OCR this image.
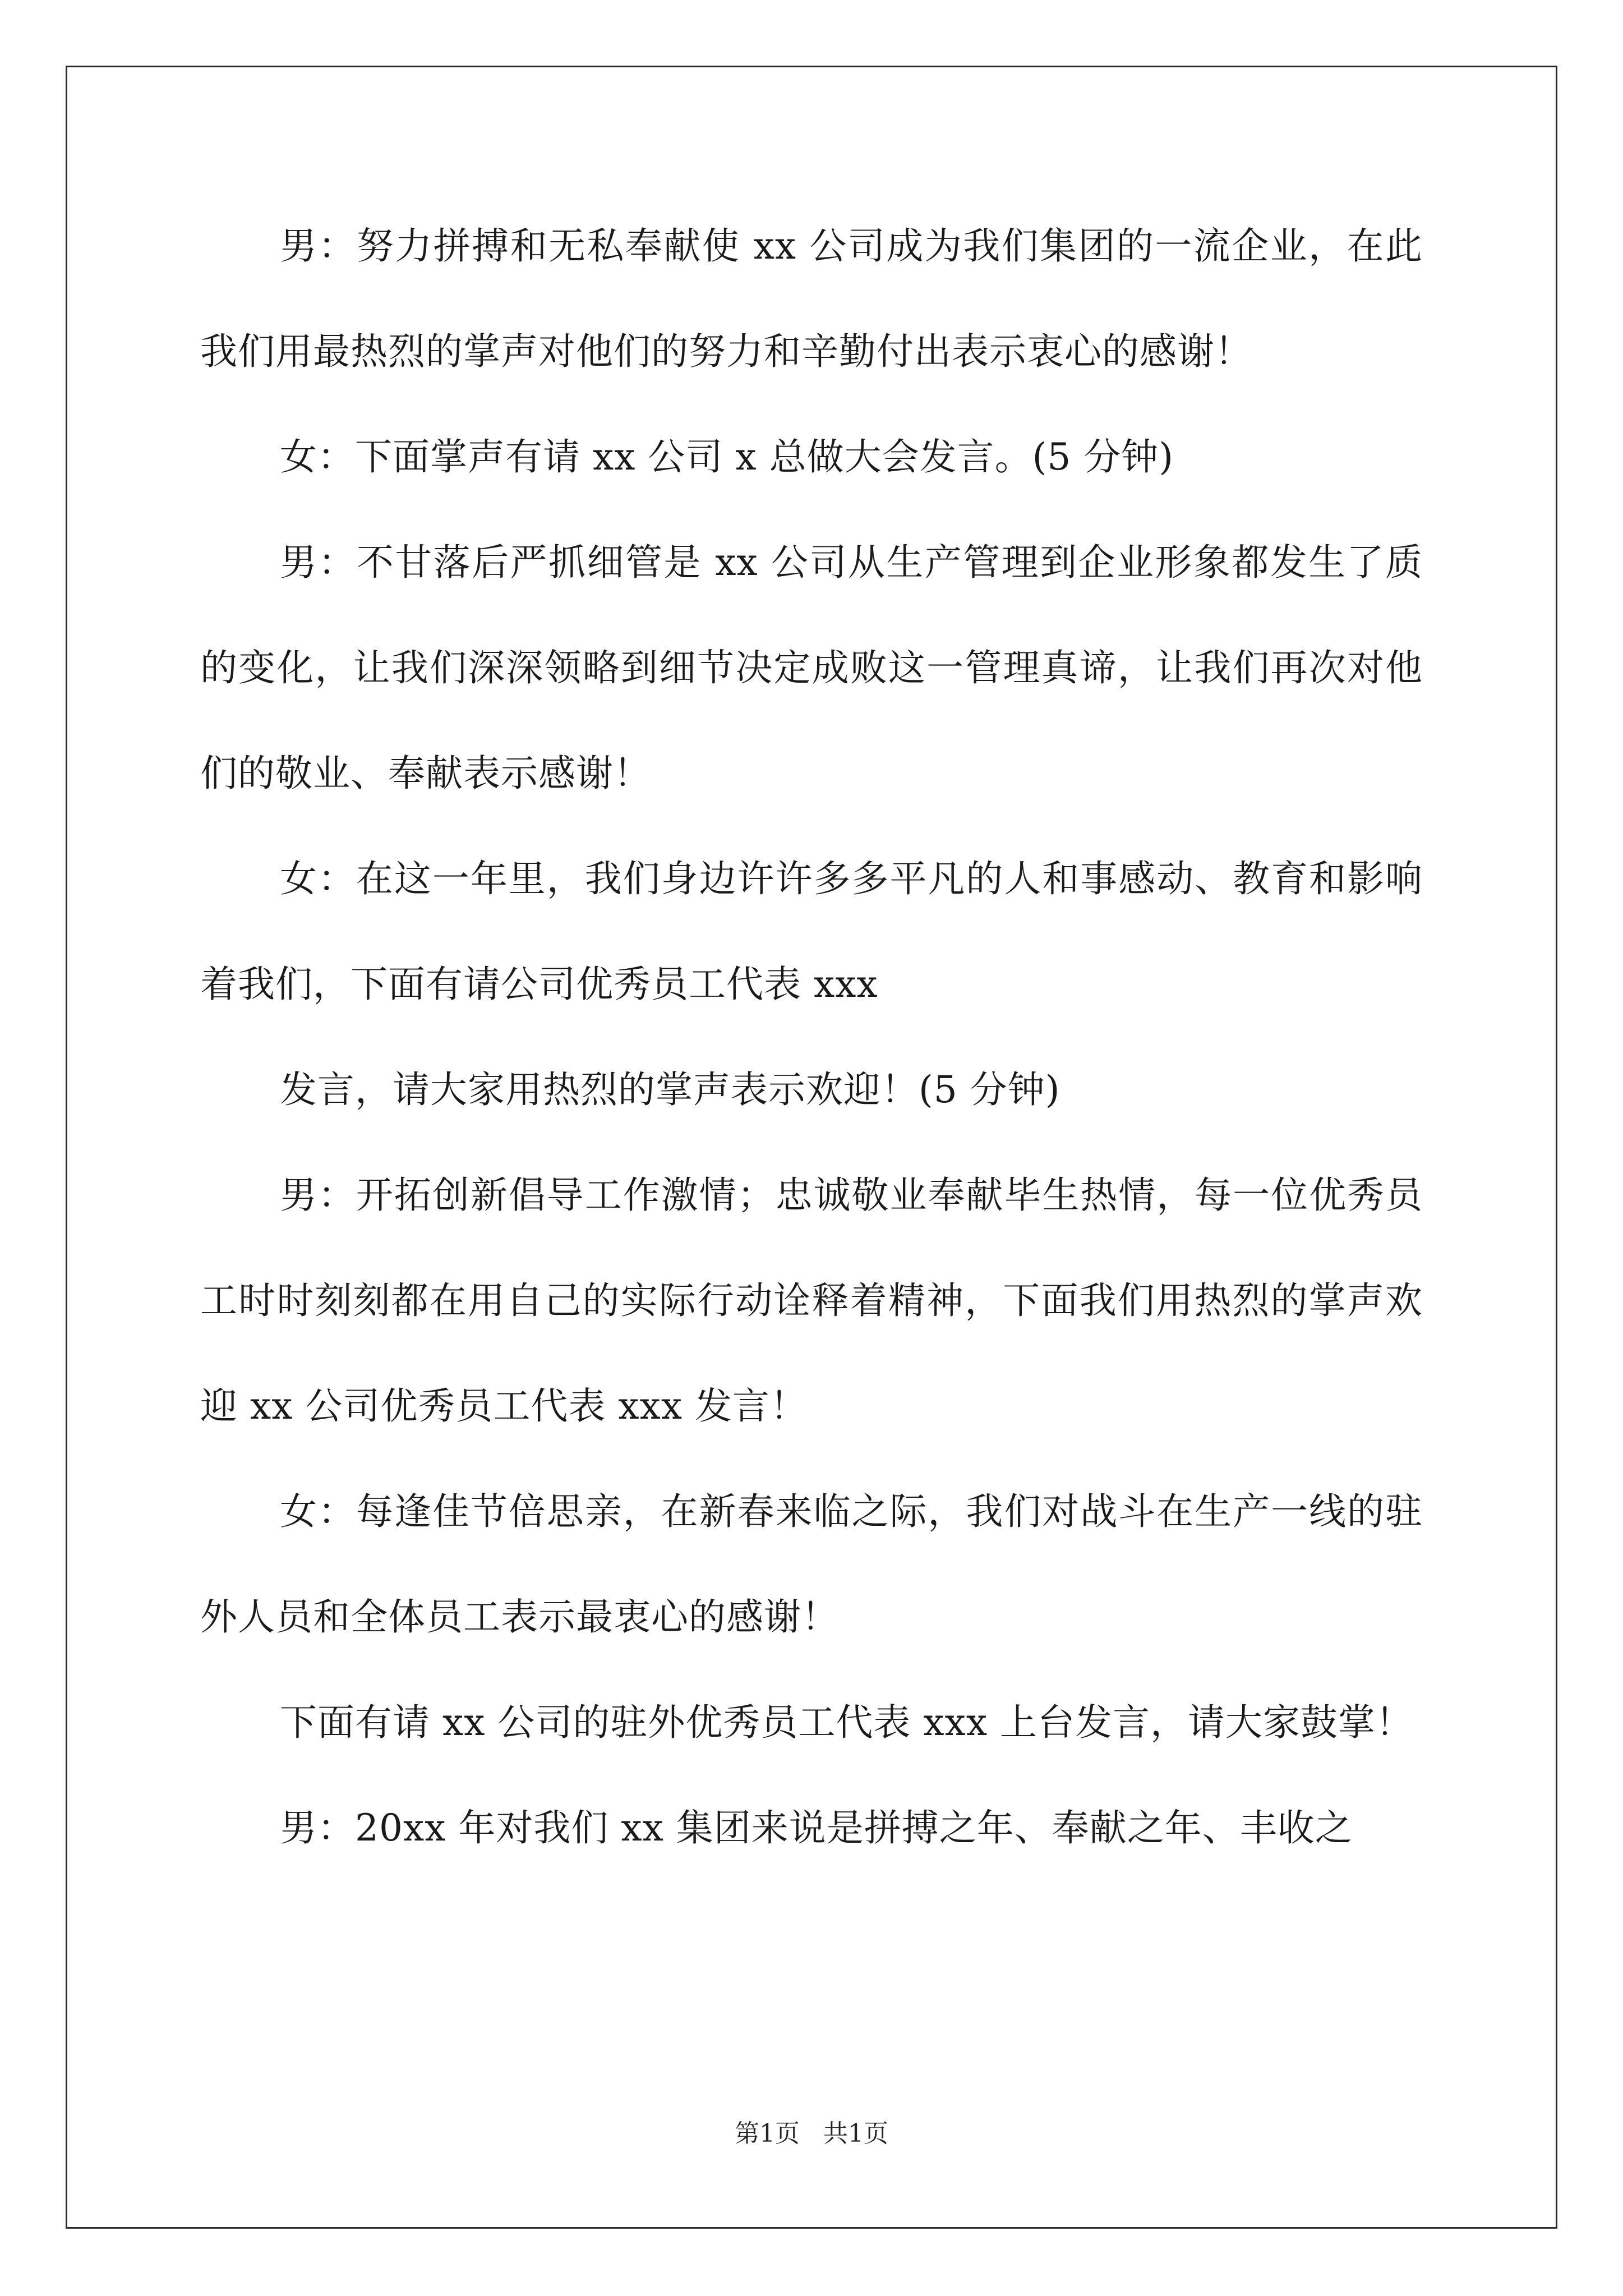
男：努力拼搏和无私奉献使 xx 公司成为我们集团的一流企业，在此我们用最热烈的掌声对他们的努力和辛勤付出表示衷心的感谢！

女：下面掌声有请 xx 公司 x 总做大会发言。(5 分钟)

男：不甘落后严抓细管是 xx 公司从生产管理到企业形象都发生了质的变化，让我们深深领略到细节决定成败这一管理真谛，让我们再次对他们的敬业、奉献表示感谢！

女：在这一年里，我们身边许许多多平凡的人和事感动、教育和影响着我们，下面有请公司优秀员工代表 xxx

发言，请大家用热烈的掌声表示欢迎！(5 分钟)

男：开拓创新倡导工作激情；忠诚敬业奉献毕生热情，每一位优秀员工时时刻刻都在用自己的实际行动诠释着精神，下面我们用热烈的掌声欢迎 xx 公司优秀员工代表 xxx 发言！

女：每逢佳节倍思亲，在新春来临之际，我们对战斗在生产一线的驻外人员和全体员工表示最衷心的感谢！

下面有请 xx 公司的驻外优秀员工代表 xxx 上台发言，请大家鼓掌！

男：20xx 年对我们 xx 集团来说是拼搏之年、奉献之年、丰收之

第1页   共1页
